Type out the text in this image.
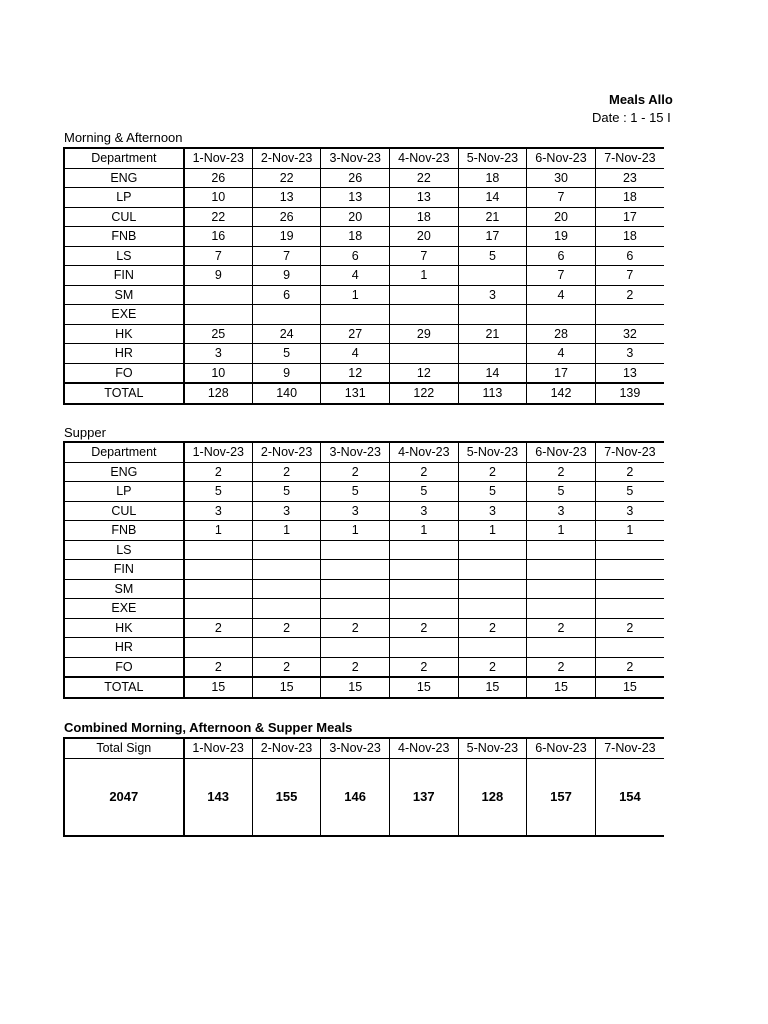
Meals Allo
Date : 1 - 15 I
Morning & Afternoon
Department	1-Nov-23	2-Nov-23	3-Nov-23	4-Nov-23	5-Nov-23	6-Nov-23	7-Nov-23
ENG	26	22	26	22	18	30	23
LP	10	13	13	13	14	7	18
CUL	22	26	20	18	21	20	17
FNB	16	19	18	20	17	19	18
LS	7	7	6	7	5	6	6
FIN	9	9	4	1		7	7
SM		6	1		3	4	2
EXE							
HK	25	24	27	29	21	28	32
HR	3	5	4			4	3
FO	10	9	12	12	14	17	13
TOTAL	128	140	131	122	113	142	139
Supper
Department	1-Nov-23	2-Nov-23	3-Nov-23	4-Nov-23	5-Nov-23	6-Nov-23	7-Nov-23
ENG	2	2	2	2	2	2	2
LP	5	5	5	5	5	5	5
CUL	3	3	3	3	3	3	3
FNB	1	1	1	1	1	1	1
LS							
FIN							
SM							
EXE							
HK	2	2	2	2	2	2	2
HR							
FO	2	2	2	2	2	2	2
TOTAL	15	15	15	15	15	15	15
Combined Morning, Afternoon & Supper Meals
Total Sign	1-Nov-23	2-Nov-23	3-Nov-23	4-Nov-23	5-Nov-23	6-Nov-23	7-Nov-23
2047	143	155	146	137	128	157	154
